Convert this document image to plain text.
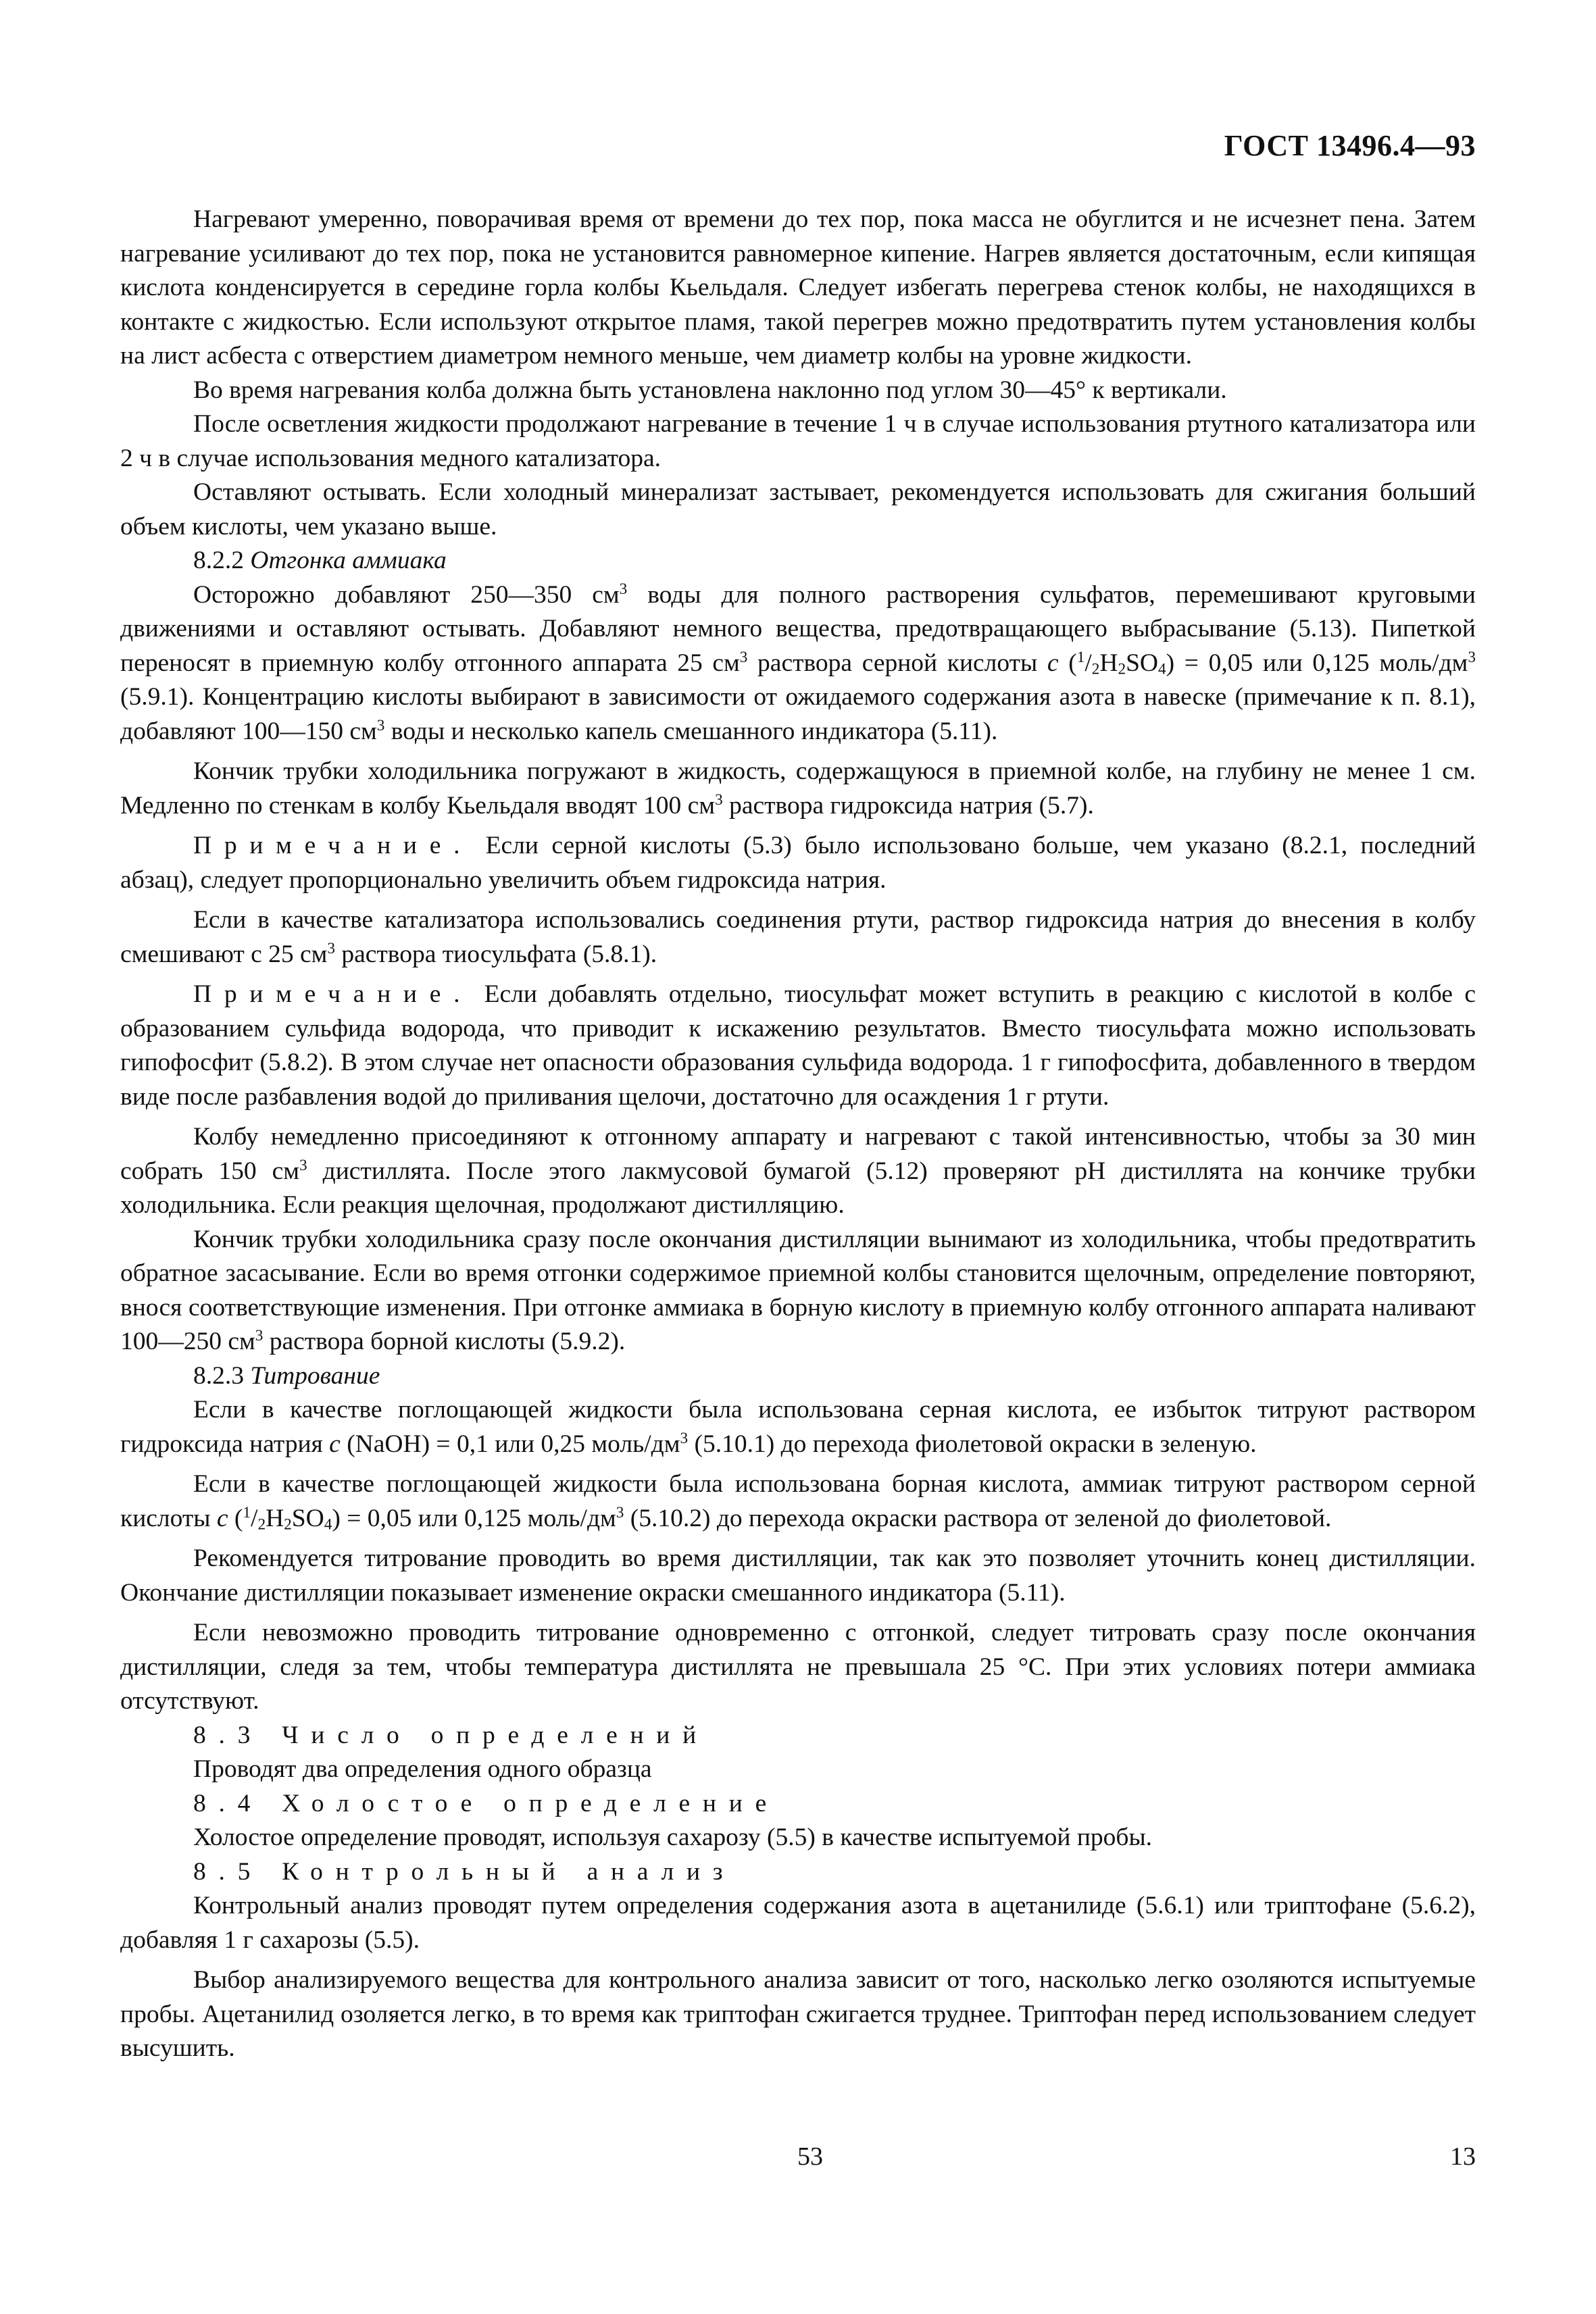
ГОСТ 13496.4—93

Нагревают умеренно, поворачивая время от времени до тех пор, пока масса не обуглится и не исчезнет пена. Затем нагревание усиливают до тех пор, пока не установится равномерное кипение. Нагрев является достаточным, если кипящая кислота конденсируется в середине горла колбы Кьельдаля. Следует избегать перегрева стенок колбы, не находящихся в контакте с жидкостью. Если используют открытое пламя, такой перегрев можно предотвратить путем установления колбы на лист асбеста с отверстием диаметром немного меньше, чем диаметр колбы на уровне жидкости.

Во время нагревания колба должна быть установлена наклонно под углом 30—45° к вертикали.

После осветления жидкости продолжают нагревание в течение 1 ч в случае использования ртутного катализатора или 2 ч в случае использования медного катализатора.

Оставляют остывать. Если холодный минерализат застывает, рекомендуется использовать для сжигания больший объем кислоты, чем указано выше.

8.2.2 Отгонка аммиака

Осторожно добавляют 250—350 $см^3$ воды для полного растворения сульфатов, перемешивают круговыми движениями и оставляют остывать. Добавляют немного вещества, предотвращающего выбрасывание (5.13). Пипеткой переносят в приемную колбу отгонного аппарата 25 $см^3$ раствора серной кислоты c $(^1/_2H_2SO_4) = 0,05$ или 0,125 моль/$дм^3$ (5.9.1). Концентрацию кислоты выбирают в зависимости от ожидаемого содержания азота в навеске (примечание к п. 8.1), добавляют 100—150 $см^3$ воды и несколько капель смешанного индикатора (5.11).

Кончик трубки холодильника погружают в жидкость, содержащуюся в приемной колбе, на глубину не менее 1 см. Медленно по стенкам в колбу Кьельдаля вводят 100 $см^3$ раствора гидроксида натрия (5.7).

Примечание. Если серной кислоты (5.3) было использовано больше, чем указано (8.2.1, последний абзац), следует пропорционально увеличить объем гидроксида натрия.

Если в качестве катализатора использовались соединения ртути, раствор гидроксида натрия до внесения в колбу смешивают с 25 $см^3$ раствора тиосульфата (5.8.1).

Примечание. Если добавлять отдельно, тиосульфат может вступить в реакцию с кислотой в колбе с образованием сульфида водорода, что приводит к искажению результатов. Вместо тиосульфата можно использовать гипофосфит (5.8.2). В этом случае нет опасности образования сульфида водорода. 1 г гипофосфита, добавленного в твердом виде после разбавления водой до приливания щелочи, достаточно для осаждения 1 г ртути.

Колбу немедленно присоединяют к отгонному аппарату и нагревают с такой интенсивностью, чтобы за 30 мин собрать 150 $см^3$ дистиллята. После этого лакмусовой бумагой (5.12) проверяют pH дистиллята на кончике трубки холодильника. Если реакция щелочная, продолжают дистилляцию.

Кончик трубки холодильника сразу после окончания дистилляции вынимают из холодильника, чтобы предотвратить обратное засасывание. Если во время отгонки содержимое приемной колбы становится щелочным, определение повторяют, внося соответствующие изменения. При отгонке аммиака в борную кислоту в приемную колбу отгонного аппарата наливают 100—250 $см^3$ раствора борной кислоты (5.9.2).

8.2.3 Титрование

Если в качестве поглощающей жидкости была использована серная кислота, ее избыток титруют раствором гидроксида натрия c (NaOH) = 0,1 или 0,25 моль/$дм^3$ (5.10.1) до перехода фиолетовой окраски в зеленую.

Если в качестве поглощающей жидкости была использована борная кислота, аммиак титруют раствором серной кислоты c $(^1/_2H_2SO_4) = 0,05$ или 0,125 моль/$дм^3$ (5.10.2) до перехода окраски раствора от зеленой до фиолетовой.

Рекомендуется титрование проводить во время дистилляции, так как это позволяет уточнить конец дистилляции. Окончание дистилляции показывает изменение окраски смешанного индикатора (5.11).

Если невозможно проводить титрование одновременно с отгонкой, следует титровать сразу после окончания дистилляции, следя за тем, чтобы температура дистиллята не превышала 25 °С. При этих условиях потери аммиака отсутствуют.

8.3 Число определений

Проводят два определения одного образца

8.4 Холостое определение

Холостое определение проводят, используя сахарозу (5.5) в качестве испытуемой пробы.

8.5 Контрольный анализ

Контрольный анализ проводят путем определения содержания азота в ацетанилиде (5.6.1) или триптофане (5.6.2), добавляя 1 г сахарозы (5.5).

Выбор анализируемого вещества для контрольного анализа зависит от того, насколько легко озоляются испытуемые пробы. Ацетанилид озоляется легко, в то время как триптофан сжигается труднее. Триптофан перед использованием следует высушить.

53	13
